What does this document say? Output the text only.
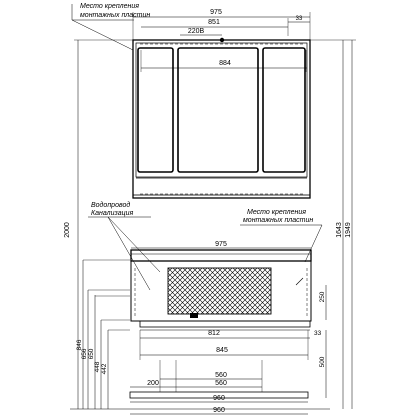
975
851	33
220В
884
Место крепления
монтажных пластин
2000
846
656 650
448 442
1643 1949
250
500
975
812	33
845
200	560
560
960
960
Водопровод
Канализация	Место крепления
монтажных пластин
